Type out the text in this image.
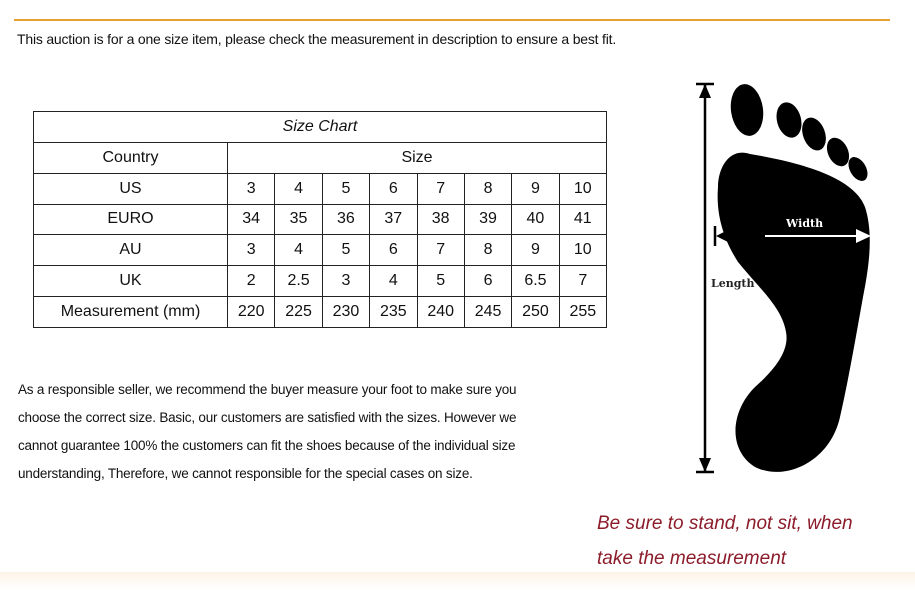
This auction is for a one size item, please check the measurement in description to ensure a best fit.
Size Chart								
Country	Size							
US	3	4	5	6	7	8	9	10
EURO	34	35	36	37	38	39	40	41
AU	3	4	5	6	7	8	9	10
UK	2	2.5	3	4	5	6	6.5	7
Measurement (mm)	220	225	230	235	240	245	250	255

As a responsible seller, we recommend the buyer measure your foot to make sure you

choose the correct size. Basic, our customers are satisfied with the sizes. However we

cannot guarantee 100% the customers can fit the shoes because of the individual size

understanding, Therefore, we cannot responsible for the special cases on size.

Width
Length

Be sure to stand, not sit, when

take the measurement
